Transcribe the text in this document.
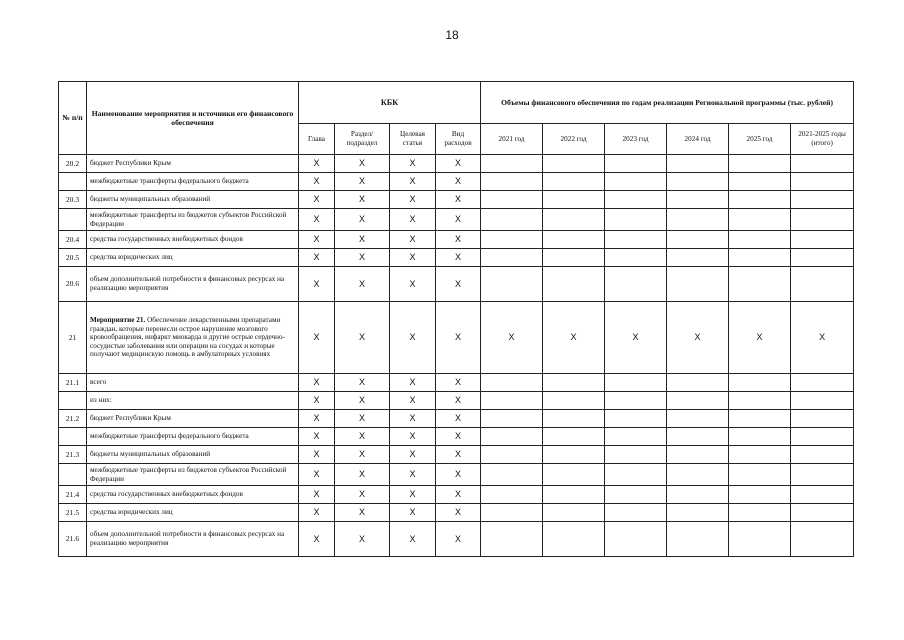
18
№ п/п	Наименование мероприятия и источники его финансового обеспечения	КБК				Объемы финансового обеспечения по годам реализации Региональной программы (тыс. рублей)					
		Глава	Раздел/ подраздел	Целевая статья	Вид расходов	2021 год	2022 год	2023 год	2024 год	2025 год	2021-2025 годы (итого)
20.2	бюджет Республики Крым	Х	Х	Х	Х						
	межбюджетные трансферты федерального бюджета	Х	Х	Х	Х						
20.3	бюджеты муниципальных образований	Х	Х	Х	Х						
	межбюджетные трансферты из бюджетов субъектов Российской Федерации	Х	Х	Х	Х						
20.4	средства государственных внебюджетных фондов	Х	Х	Х	Х						
20.5	средства юридических лиц	Х	Х	Х	Х						
20.6	объем дополнительной потребности в финансовых ресурсах на реализацию мероприятия	Х	Х	Х	Х						
21	Мероприятие 21. Обеспечение лекарственными препаратами граждан, которые перенесли острое нарушение мозгового кровообращения, инфаркт миокарда и другие острые сердечно-сосудистые заболевания или операции на сосудах и которые получают медицинскую помощь в амбулаторных условиях	Х	Х	Х	Х	Х	Х	Х	Х	Х	Х
21.1	всего	Х	Х	Х	Х						
	из них:	Х	Х	Х	Х						
21.2	бюджет Республики Крым	Х	Х	Х	Х						
	межбюджетные трансферты федерального бюджета	Х	Х	Х	Х						
21.3	бюджеты муниципальных образований	Х	Х	Х	Х						
	межбюджетные трансферты из бюджетов субъектов Российской Федерации	Х	Х	Х	Х						
21.4	средства государственных внебюджетных фондов	Х	Х	Х	Х						
21.5	средства юридических лиц	Х	Х	Х	Х						
21.6	объем дополнительной потребности в финансовых ресурсах на реализацию мероприятия	Х	Х	Х	Х						
